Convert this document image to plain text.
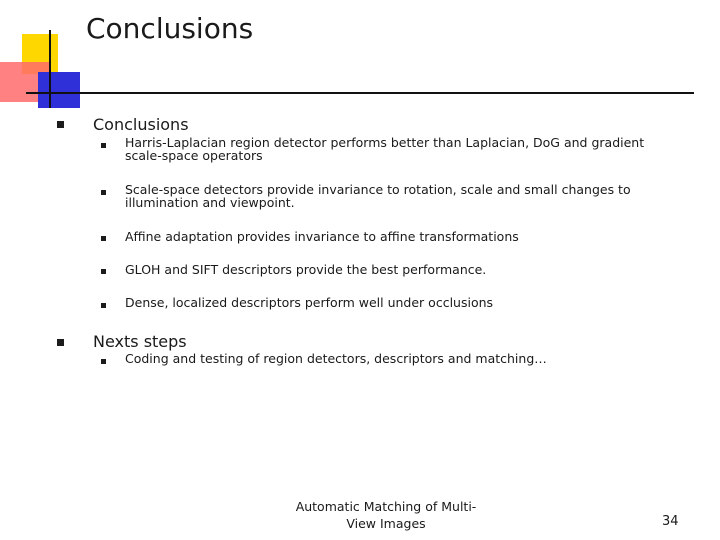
Conclusions
Conclusions
Harris-Laplacian region detector performs better than Laplacian, DoG and gradient scale-space operators
Scale-space detectors provide invariance to rotation, scale and small changes to illumination and viewpoint.
Affine adaptation provides invariance to affine transformations
GLOH and SIFT descriptors provide the best performance.
Dense, localized descriptors perform well under occlusions
Nexts steps
Coding and testing of region detectors, descriptors and matching…
Automatic Matching of Multi-View Images	34
